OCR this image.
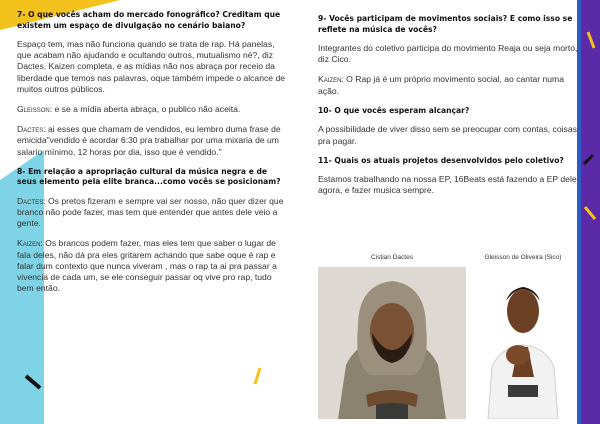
7- O que vocês acham do mercado fonográfico? Creditam que existem um espaço de divulgação no cenário baiano?
Espaço tem, mas não funciona quando se trata de rap. Há panelas, que acabam não ajudando e ocultando outros, mutualismo né?, diz Dactes. Kaizen completa, e as mídias não nos abraça por receio da liberdade que temos nas palavras, oque também impede o alcance de muitos outros públicos.
Gleisson: e se a mídia aberta abraça, o publico não aceita.
Dactes: ai esses que chamam de vendidos, eu lembro duma frase de emicida"vendido é acordar 6:30 pra trabalhar por uma mixaria de um salario mínimo, 12 horas por dia, isso que é vendido."
8- Em relação a apropriação cultural da música negra e de seus elemento pela elite branca...como vocês se posicionam?
Dactes: Os pretos fizeram e sempre vai ser nosso, não quer dizer que branco não pode fazer, mas tem que entender que antes dele veio a gente.
Kaizen: Os brancos podem fazer, mas eles tem que saber o lugar de fala deles, não dá pra eles gritarem achando que sabe oque é rap e falar dum contexto que nunca viveram , mas o rap ta ai pra passar a vivencia de cada um, se ele conseguir passar oq vive pro rap, tudo bem então.
9- Vocês participam de movimentos sociais? E como isso se reflete na música de vocês?
Integrantes do coletivo participa do movimento Reaja ou seja morto, diz Cico.
Kaizen: O Rap já é um próprio movimento social, ao cantar numa ação.
10- O que vocês esperam alcançar?
A possibilidade de viver disso sem se preocupar com contas, coisas pra pagar.
11- Quais os atuais projetos desenvolvidos pelo coletivo?
Estamos trabalhando na nossa EP, 16Beats está fazendo a EP dele agora, e fazer musica sempre.
Cistian Dactes	Gleisson de Oliveira (Sico)
